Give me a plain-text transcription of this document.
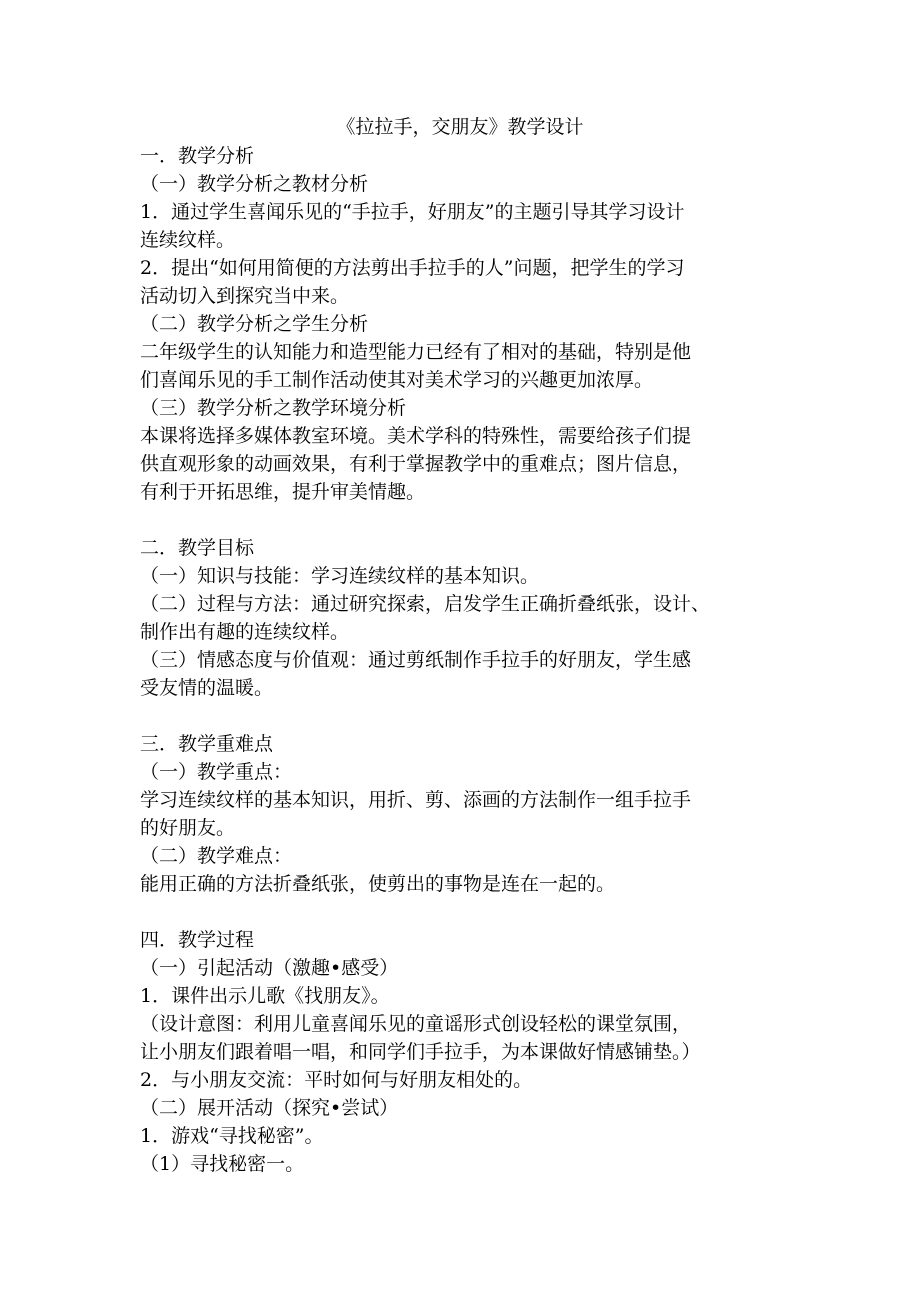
《拉拉手，交朋友》教学设计
一．教学分析
（一）教学分析之教材分析
1．通过学生喜闻乐见的“手拉手，好朋友”的主题引导其学习设计
连续纹样。
2．提出“如何用简便的方法剪出手拉手的人”问题，把学生的学习
活动切入到探究当中来。
（二）教学分析之学生分析
二年级学生的认知能力和造型能力已经有了相对的基础，特别是他
们喜闻乐见的手工制作活动使其对美术学习的兴趣更加浓厚。
（三）教学分析之教学环境分析
本课将选择多媒体教室环境。美术学科的特殊性，需要给孩子们提
供直观形象的动画效果，有利于掌握教学中的重难点；图片信息，
有利于开拓思维，提升审美情趣。
二．教学目标
（一）知识与技能：学习连续纹样的基本知识。
（二）过程与方法：通过研究探索，启发学生正确折叠纸张，设计、
制作出有趣的连续纹样。
（三）情感态度与价值观：通过剪纸制作手拉手的好朋友，学生感
受友情的温暖。
三．教学重难点
（一）教学重点：
学习连续纹样的基本知识，用折、剪、添画的方法制作一组手拉手
的好朋友。
（二）教学难点：
能用正确的方法折叠纸张，使剪出的事物是连在一起的。
四．教学过程
（一）引起活动（激趣•感受）
1．课件出示儿歌《找朋友》。
（设计意图：利用儿童喜闻乐见的童谣形式创设轻松的课堂氛围，
让小朋友们跟着唱一唱，和同学们手拉手，为本课做好情感铺垫。）
2．与小朋友交流：平时如何与好朋友相处的。
（二）展开活动（探究•尝试）
1．游戏“寻找秘密”。
（1）寻找秘密一。
